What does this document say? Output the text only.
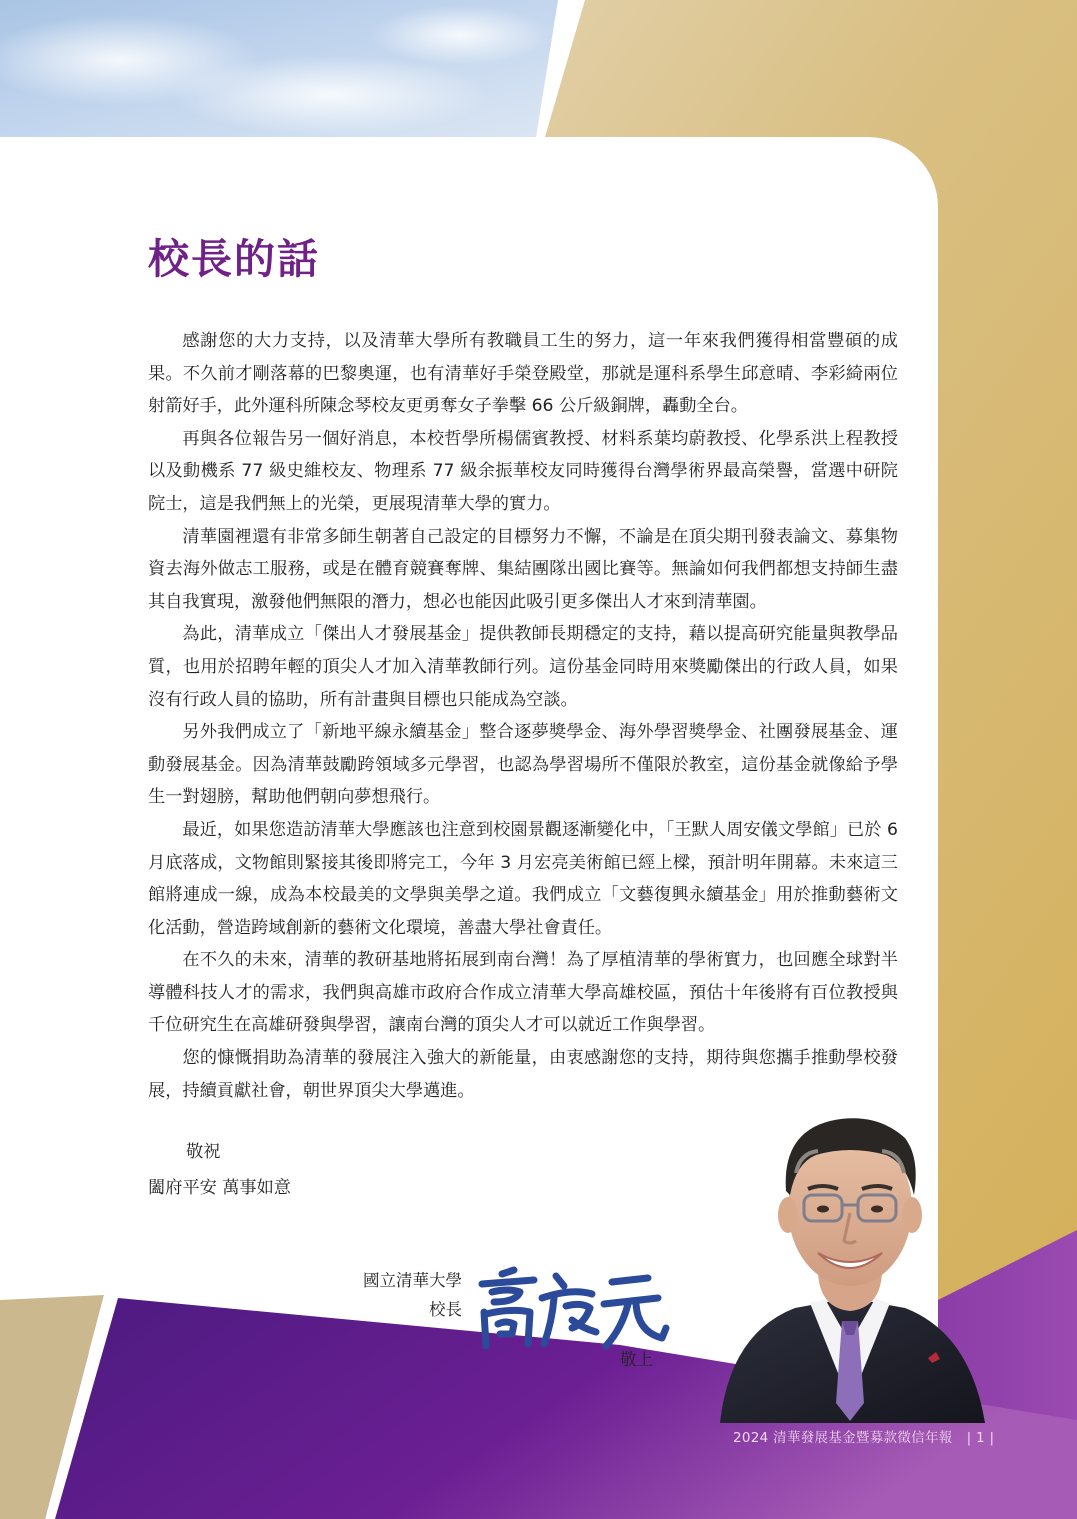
校長的話

感謝您的大力支持，以及清華大學所有教職員工生的努力，這一年來我們獲得相當豐碩的成果。不久前才剛落幕的巴黎奧運，也有清華好手榮登殿堂，那就是運科系學生邱意晴、李彩綺兩位射箭好手，此外運科所陳念琴校友更勇奪女子拳擊 66 公斤級銅牌，轟動全台。

再與各位報告另一個好消息，本校哲學所楊儒賓教授、材料系葉均蔚教授、化學系洪上程教授以及動機系 77 級史維校友、物理系 77 級余振華校友同時獲得台灣學術界最高榮譽，當選中研院院士，這是我們無上的光榮，更展現清華大學的實力。

清華園裡還有非常多師生朝著自己設定的目標努力不懈，不論是在頂尖期刊發表論文、募集物資去海外做志工服務，或是在體育競賽奪牌、集結團隊出國比賽等。無論如何我們都想支持師生盡其自我實現，激發他們無限的潛力，想必也能因此吸引更多傑出人才來到清華園。

為此，清華成立「傑出人才發展基金」提供教師長期穩定的支持，藉以提高研究能量與教學品質，也用於招聘年輕的頂尖人才加入清華教師行列。這份基金同時用來獎勵傑出的行政人員，如果沒有行政人員的協助，所有計畫與目標也只能成為空談。

另外我們成立了「新地平線永續基金」整合逐夢獎學金、海外學習獎學金、社團發展基金、運動發展基金。因為清華鼓勵跨領域多元學習，也認為學習場所不僅限於教室，這份基金就像給予學生一對翅膀，幫助他們朝向夢想飛行。

最近，如果您造訪清華大學應該也注意到校園景觀逐漸變化中，「王默人周安儀文學館」已於 6 月底落成，文物館則緊接其後即將完工，今年 3 月宏亮美術館已經上樑，預計明年開幕。未來這三館將連成一線，成為本校最美的文學與美學之道。我們成立「文藝復興永續基金」用於推動藝術文化活動，營造跨域創新的藝術文化環境，善盡大學社會責任。

在不久的未來，清華的教研基地將拓展到南台灣！為了厚植清華的學術實力，也回應全球對半導體科技人才的需求，我們與高雄市政府合作成立清華大學高雄校區，預估十年後將有百位教授與千位研究生在高雄研發與學習，讓南台灣的頂尖人才可以就近工作與學習。

您的慷慨捐助為清華的發展注入強大的新能量，由衷感謝您的支持，期待與您攜手推動學校發展，持續貢獻社會，朝世界頂尖大學邁進。

敬祝
闔府平安 萬事如意
國立清華大學
校長
敬上
2024 清華發展基金暨募款徵信年報 | 1 |
